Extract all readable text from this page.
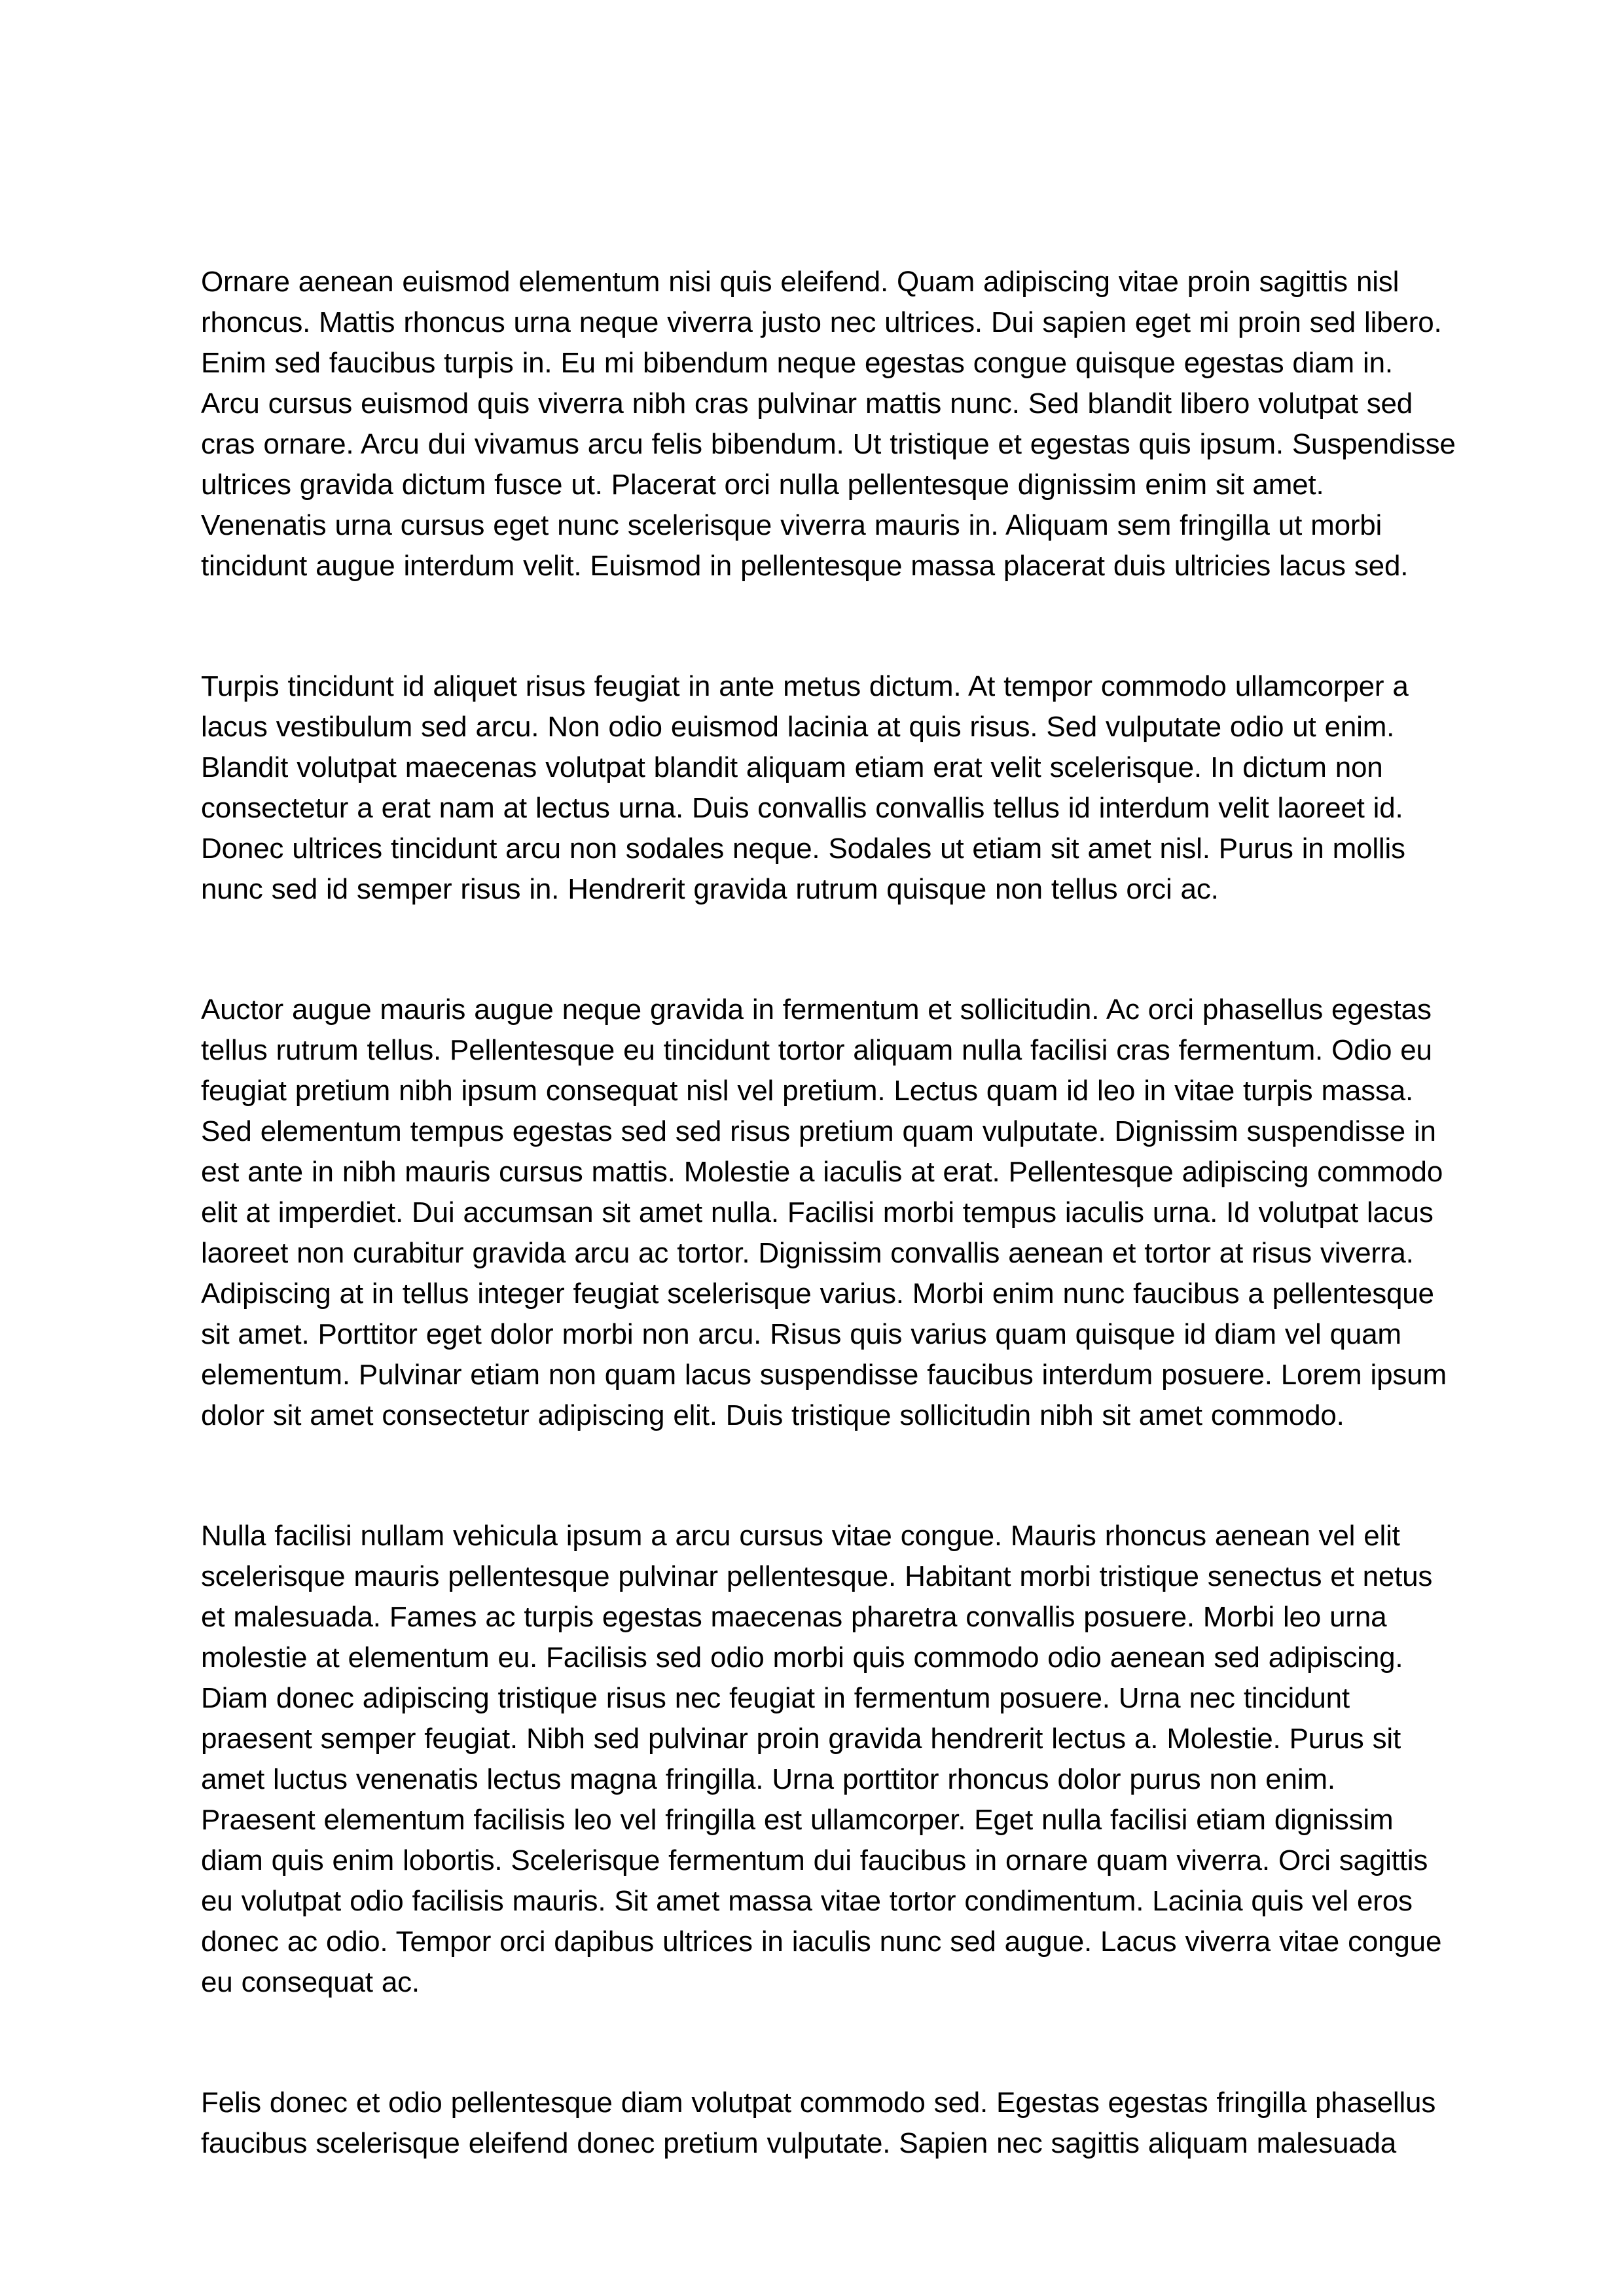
Ornare aenean euismod elementum nisi quis eleifend. Quam adipiscing vitae proin sagittis nisl rhoncus. Mattis rhoncus urna neque viverra justo nec ultrices. Dui sapien eget mi proin sed libero. Enim sed faucibus turpis in. Eu mi bibendum neque egestas congue quisque egestas diam in. Arcu cursus euismod quis viverra nibh cras pulvinar mattis nunc. Sed blandit libero volutpat sed cras ornare. Arcu dui vivamus arcu felis bibendum. Ut tristique et egestas quis ipsum. Suspendisse ultrices gravida dictum fusce ut. Placerat orci nulla pellentesque dignissim enim sit amet. Venenatis urna cursus eget nunc scelerisque viverra mauris in. Aliquam sem fringilla ut morbi tincidunt augue interdum velit. Euismod in pellentesque massa placerat duis ultricies lacus sed.

Turpis tincidunt id aliquet risus feugiat in ante metus dictum. At tempor commodo ullamcorper a lacus vestibulum sed arcu. Non odio euismod lacinia at quis risus. Sed vulputate odio ut enim. Blandit volutpat maecenas volutpat blandit aliquam etiam erat velit scelerisque. In dictum non consectetur a erat nam at lectus urna. Duis convallis convallis tellus id interdum velit laoreet id. Donec ultrices tincidunt arcu non sodales neque. Sodales ut etiam sit amet nisl. Purus in mollis nunc sed id semper risus in. Hendrerit gravida rutrum quisque non tellus orci ac.

Auctor augue mauris augue neque gravida in fermentum et sollicitudin. Ac orci phasellus egestas tellus rutrum tellus. Pellentesque eu tincidunt tortor aliquam nulla facilisi cras fermentum. Odio eu feugiat pretium nibh ipsum consequat nisl vel pretium. Lectus quam id leo in vitae turpis massa. Sed elementum tempus egestas sed sed risus pretium quam vulputate. Dignissim suspendisse in est ante in nibh mauris cursus mattis. Molestie a iaculis at erat. Pellentesque adipiscing commodo elit at imperdiet. Dui accumsan sit amet nulla. Facilisi morbi tempus iaculis urna. Id volutpat lacus laoreet non curabitur gravida arcu ac tortor. Dignissim convallis aenean et tortor at risus viverra. Adipiscing at in tellus integer feugiat scelerisque varius. Morbi enim nunc faucibus a pellentesque sit amet. Porttitor eget dolor morbi non arcu. Risus quis varius quam quisque id diam vel quam elementum. Pulvinar etiam non quam lacus suspendisse faucibus interdum posuere. Lorem ipsum dolor sit amet consectetur adipiscing elit. Duis tristique sollicitudin nibh sit amet commodo.

Nulla facilisi nullam vehicula ipsum a arcu cursus vitae congue. Mauris rhoncus aenean vel elit scelerisque mauris pellentesque pulvinar pellentesque. Habitant morbi tristique senectus et netus et malesuada. Fames ac turpis egestas maecenas pharetra convallis posuere. Morbi leo urna molestie at elementum eu. Facilisis sed odio morbi quis commodo odio aenean sed adipiscing. Diam donec adipiscing tristique risus nec feugiat in fermentum posuere. Urna nec tincidunt praesent semper feugiat. Nibh sed pulvinar proin gravida hendrerit lectus a. Molestie. Purus sit amet luctus venenatis lectus magna fringilla. Urna porttitor rhoncus dolor purus non enim. Praesent elementum facilisis leo vel fringilla est ullamcorper. Eget nulla facilisi etiam dignissim diam quis enim lobortis. Scelerisque fermentum dui faucibus in ornare quam viverra. Orci sagittis eu volutpat odio facilisis mauris. Sit amet massa vitae tortor condimentum. Lacinia quis vel eros donec ac odio. Tempor orci dapibus ultrices in iaculis nunc sed augue. Lacus viverra vitae congue eu consequat ac.

Felis donec et odio pellentesque diam volutpat commodo sed. Egestas egestas fringilla phasellus faucibus scelerisque eleifend donec pretium vulputate. Sapien nec sagittis aliquam malesuada
